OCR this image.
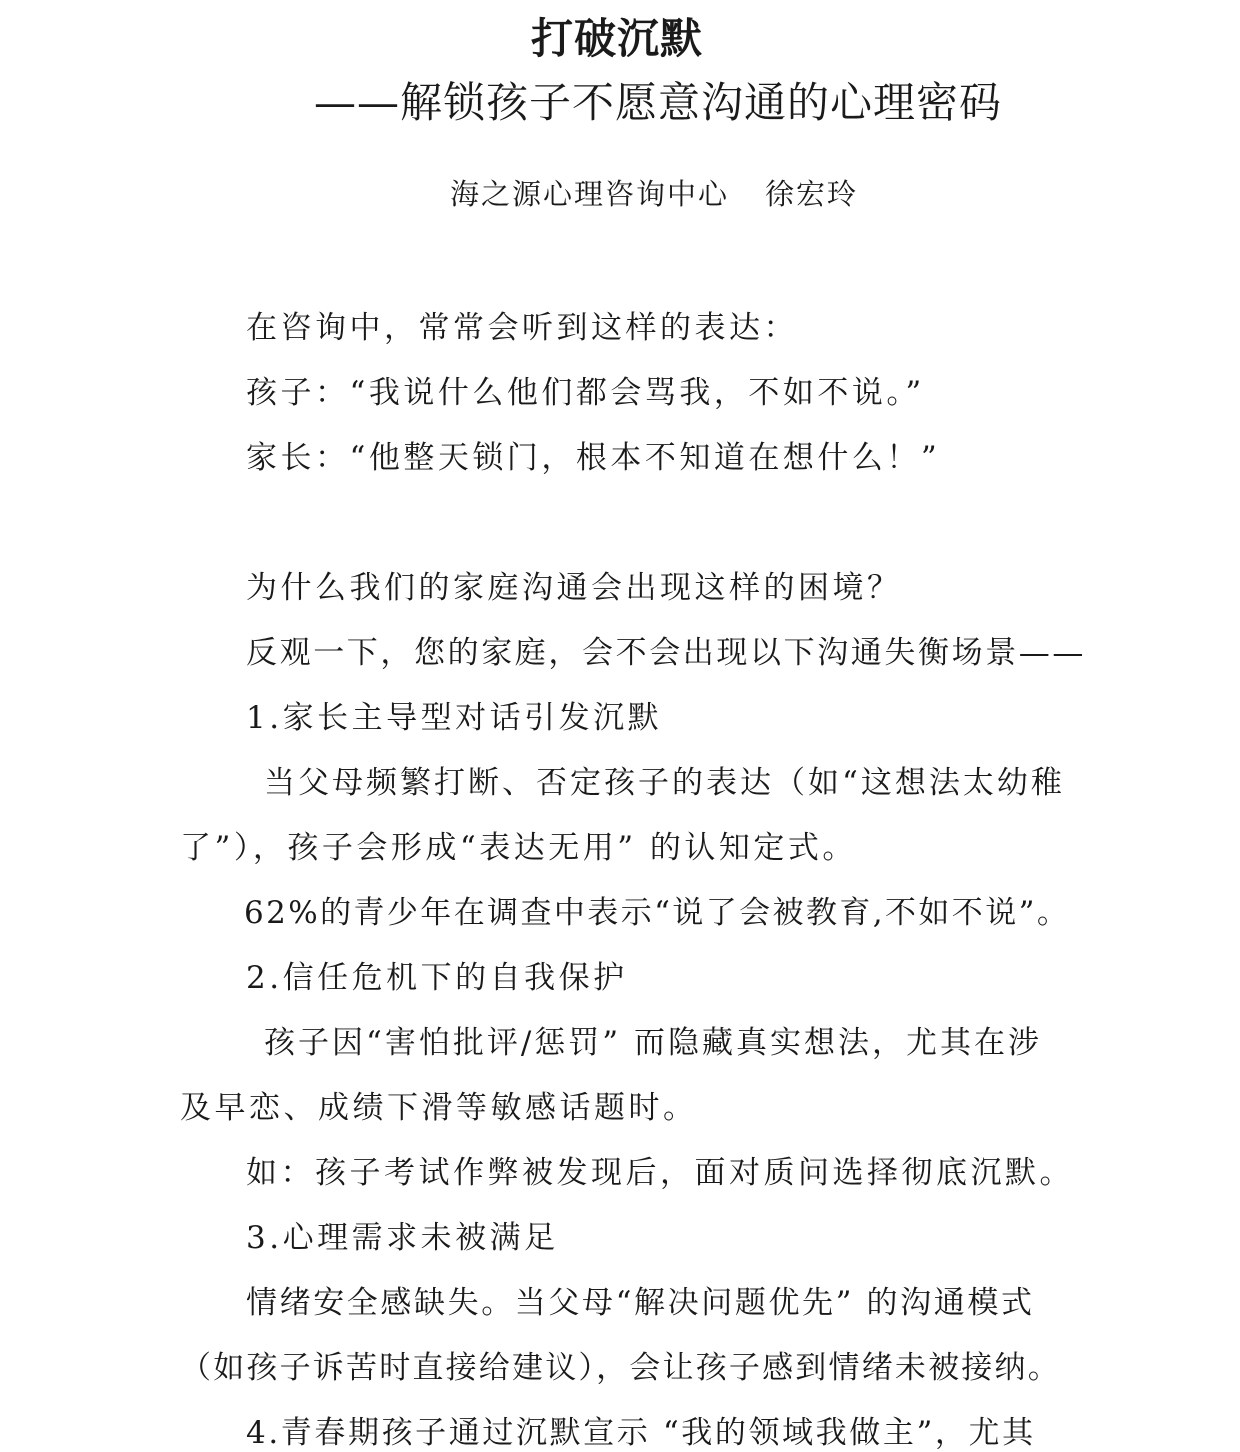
打破沉默
——解锁孩子不愿意沟通的心理密码
海之源心理咨询中心 徐宏玲

在咨询中，常常会听到这样的表达：

孩子：“我说什么他们都会骂我，不如不说。”

家长：“他整天锁门，根本不知道在想什么！”

为什么我们的家庭沟通会出现这样的困境？

反观一下，您的家庭，会不会出现以下沟通失衡场景——

1.家长主导型对话引发沉默

当父母频繁打断、否定孩子的表达（如“这想法太幼稚

了”），孩子会形成“表达无用” 的认知定式。

62%的青少年在调查中表示“说了会被教育,不如不说”。

2.信任危机下的自我保护

孩子因“害怕批评/惩罚” 而隐藏真实想法，尤其在涉

及早恋、成绩下滑等敏感话题时。

如：孩子考试作弊被发现后，面对质问选择彻底沉默。

3.心理需求未被满足

情绪安全感缺失。当父母“解决问题优先” 的沟通模式

（如孩子诉苦时直接给建议），会让孩子感到情绪未被接纳。

4.青春期孩子通过沉默宣示 “我的领域我做主”，尤其
